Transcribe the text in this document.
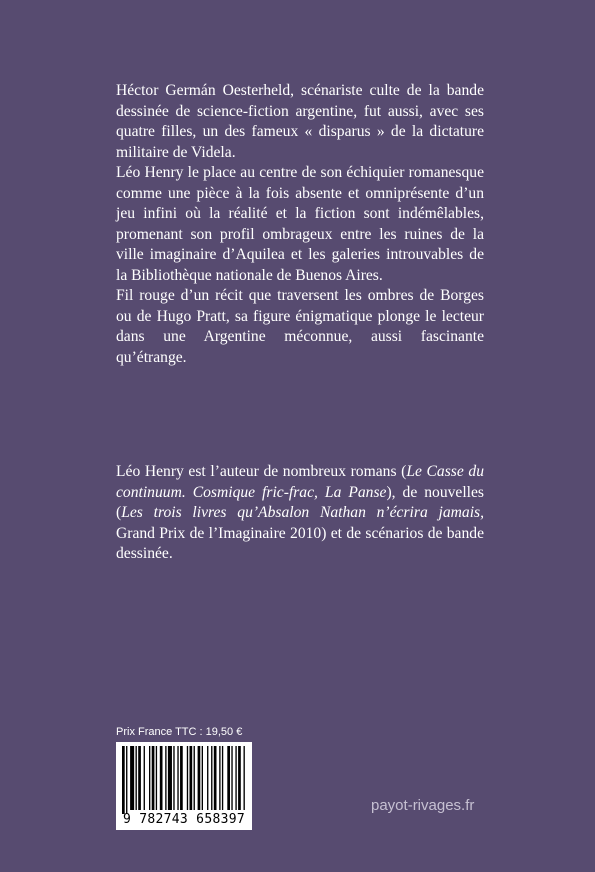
Héctor Germán Oesterheld, scénariste culte de la bande dessinée de science-fiction argentine, fut aussi, avec ses quatre filles, un des fameux « disparus » de la dictature militaire de Videla.

Léo Henry le place au centre de son échiquier romanesque comme une pièce à la fois absente et omniprésente d’un jeu infini où la réalité et la fiction sont indémêlables, promenant son profil ombrageux entre les ruines de la ville imaginaire d’Aquilea et les galeries introuvables de la Bibliothèque nationale de Buenos Aires.

Fil rouge d’un récit que traversent les ombres de Borges ou de Hugo Pratt, sa figure énigmatique plonge le lecteur dans une Argentine méconnue, aussi fascinante qu’étrange.

Léo Henry est l’auteur de nombreux romans (Le Casse du continuum. Cosmique fric-frac, La Panse), de nouvelles (Les trois livres qu’Absalon Nathan n’écrira jamais, Grand Prix de l’Imaginaire 2010) et de scénarios de bande dessinée.

Prix France TTC : 19,50 €
9 782743 658397
payot-rivages.fr
